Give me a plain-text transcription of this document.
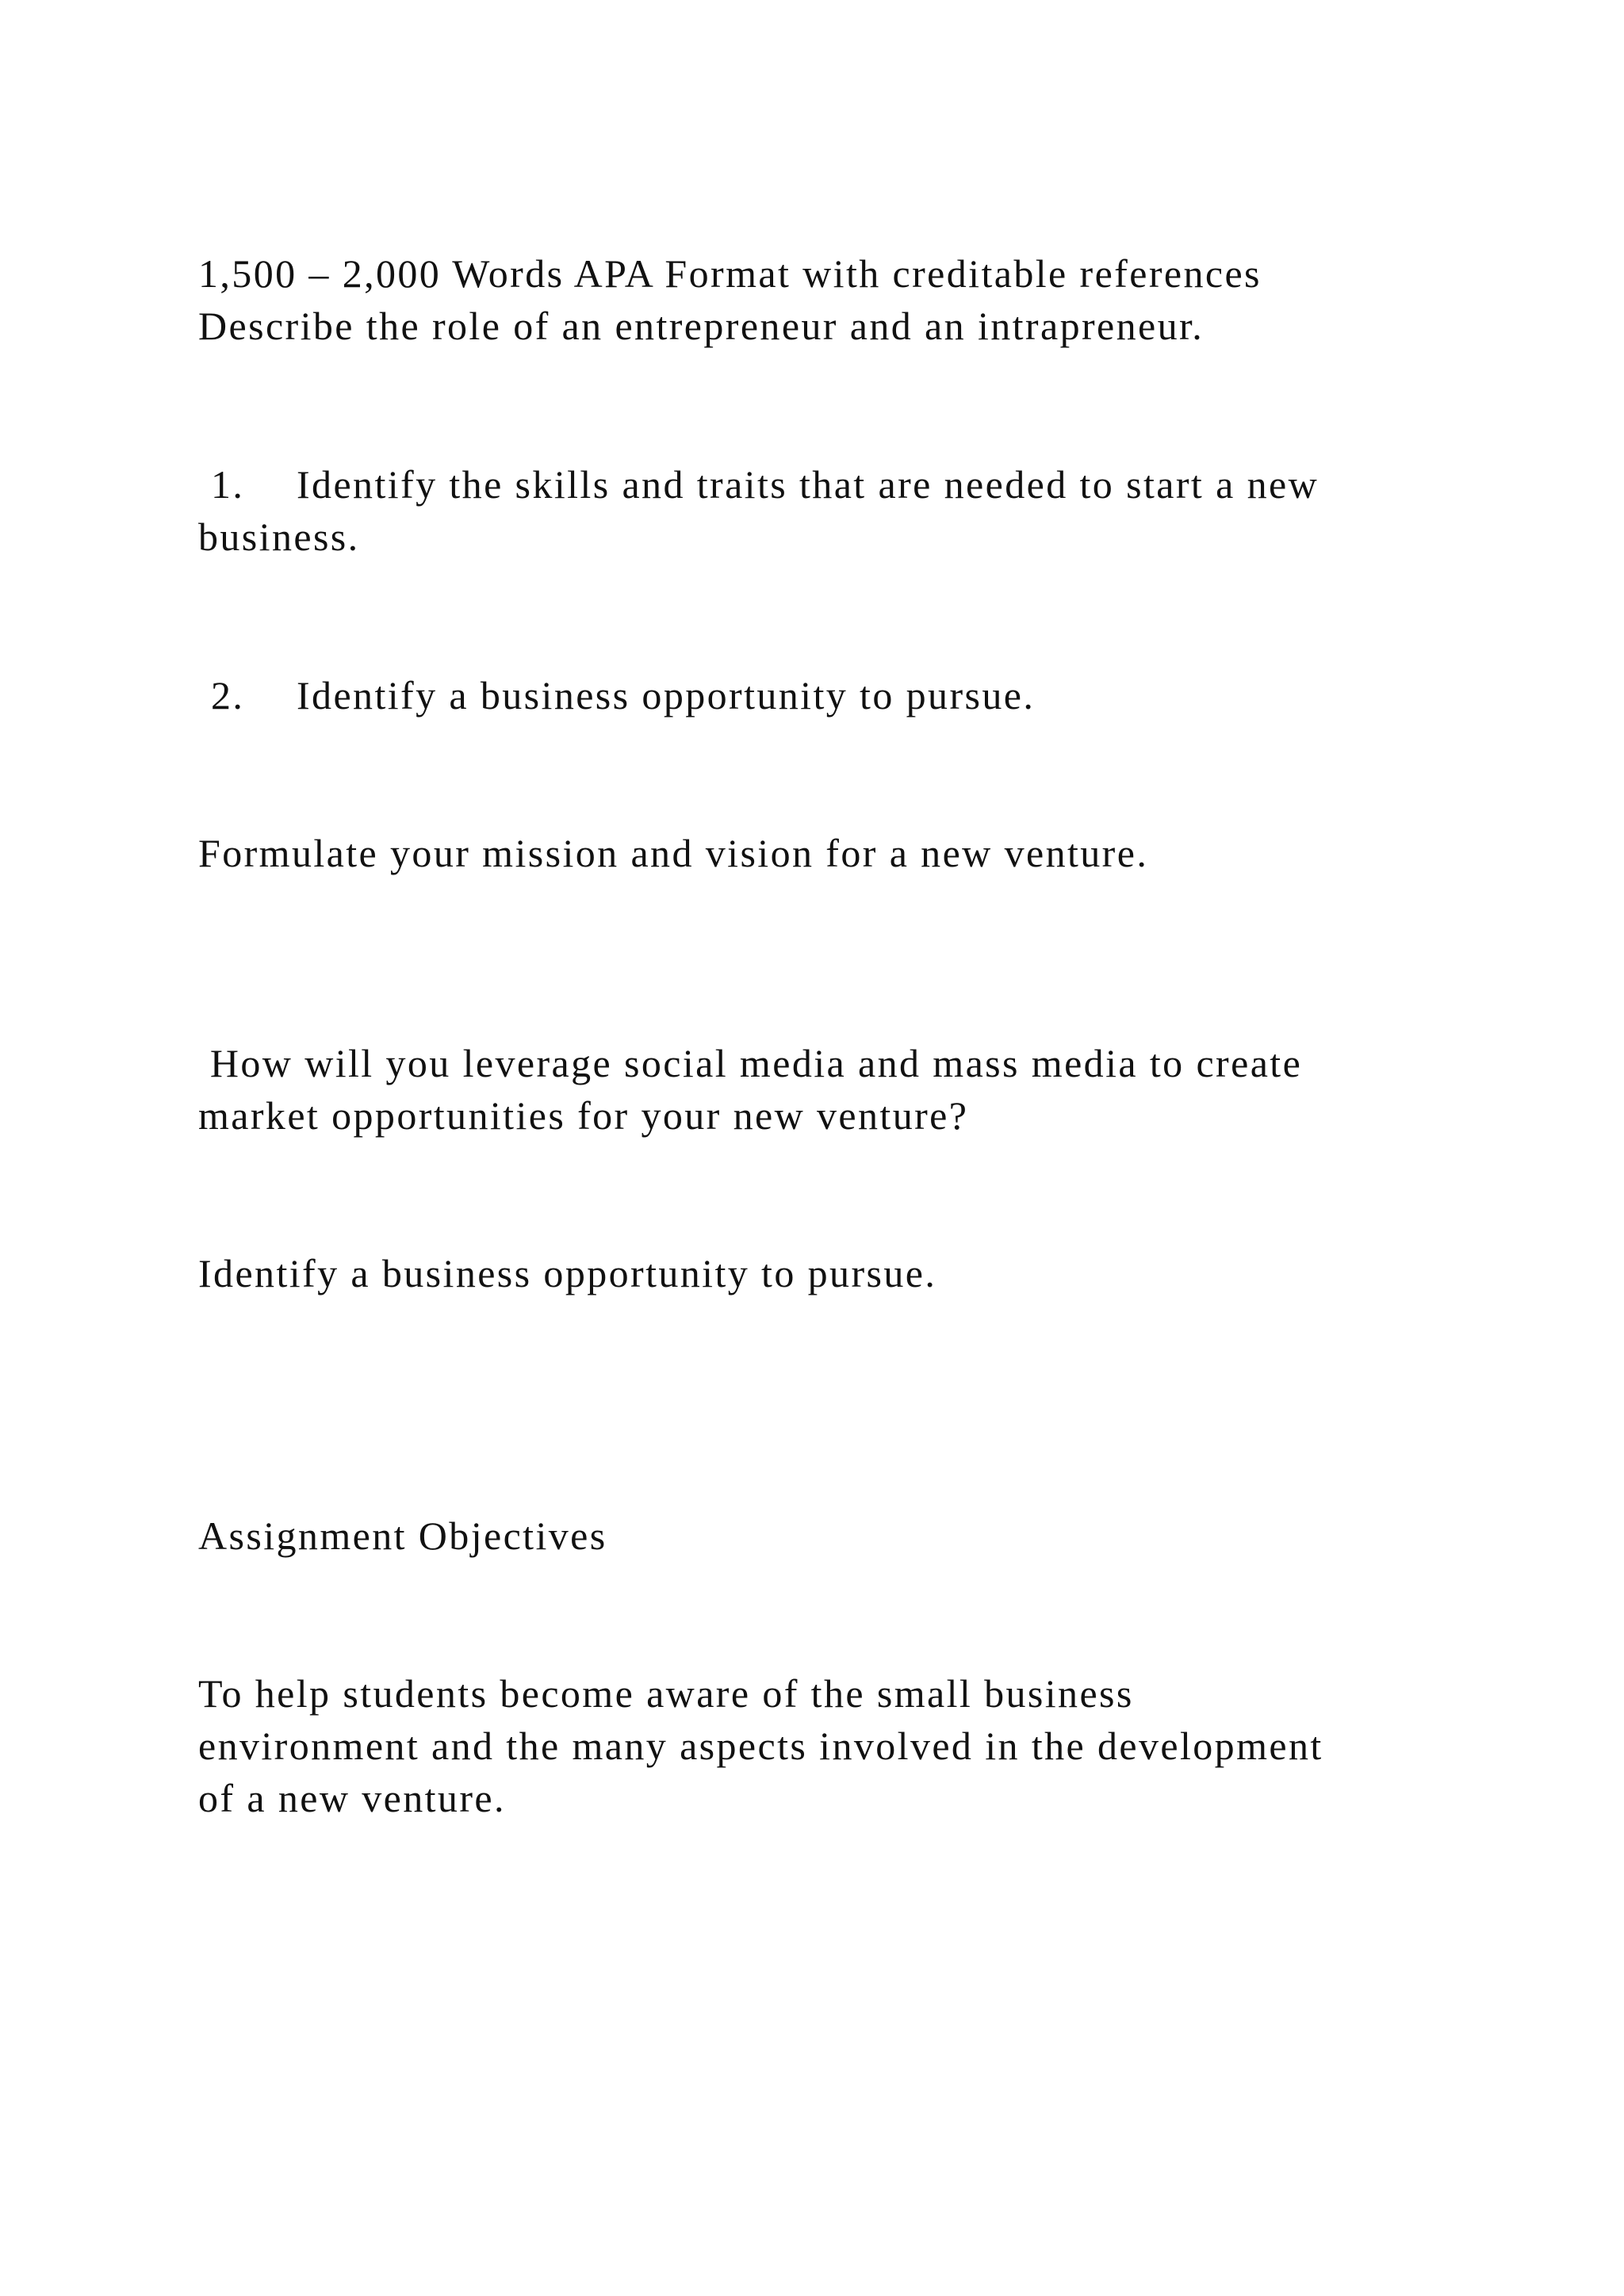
1,500 – 2,000 Words APA Format with creditable references

Describe the role of an entrepreneur and an intrapreneur.

1. Identify the skills and traits that are needed to start a new

business.

2. Identify a business opportunity to pursue.

Formulate your mission and vision for a new venture.

How will you leverage social media and mass media to create

market opportunities for your new venture?

Identify a business opportunity to pursue.

Assignment Objectives

To help students become aware of the small business

environment and the many aspects involved in the development

of a new venture.
